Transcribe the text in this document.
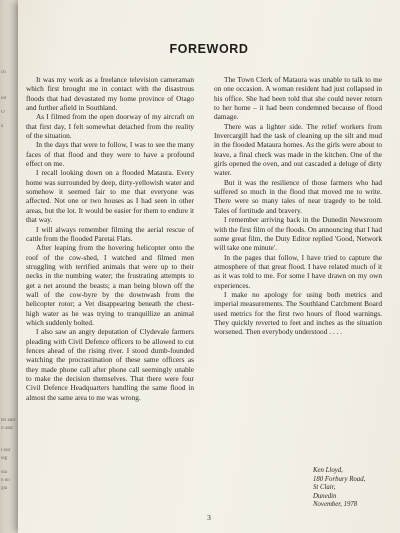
ch
nd
O
a
ter and
ir and
t our
leg
dia
h on
gla
FOREWORD

It was my work as a freelance television cameraman which first brought me in contact with the disastrous floods that had devastated my home province of Otago and further afield in Southland.

As I filmed from the open doorway of my aircraft on that first day, I felt somewhat detached from the reality of the situation.

In the days that were to follow, I was to see the many faces of that flood and they were to have a profound effect on me.

I recall looking down on a flooded Mataura. Every home was surrounded by deep, dirty-yellowish water and somehow it seemed fair to me that everyone was affected. Not one or two houses as I had seen in other areas, but the lot. It would be easier for them to endure it that way.

I will always remember filming the aerial rescue of cattle from the flooded Paretai Flats.

After leaping from the hovering helicopter onto the roof of the cow-shed, I watched and filmed men struggling with terrified animals that were up to their necks in the numbing water; the frustrating attempts to get a net around the beasts; a man being blown off the wall of the cow-byre by the downwash from the helicopter rotor; a Vet disappearing beneath the chest-high water as he was trying to tranquillize an animal which suddenly bolted.

I also saw an angry deputation of Clydevale farmers pleading with Civil Defence officers to be allowed to cut fences ahead of the rising river. I stood dumb-founded watching the procrastination of these same officers as they made phone call after phone call seemingly unable to make the decision themselves. That there were four Civil Defence Headquarters handling the same flood in almost the same area to me was wrong.

The Town Clerk of Mataura was unable to talk to me on one occasion. A woman resident had just collapsed in his office. She had been told that she could never return to her home – it had been condemned because of flood damage.

There was a lighter side. The relief workers from Invercargill had the task of cleaning up the silt and mud in the flooded Mataura homes. As the girls were about to leave, a final check was made in the kitchen. One of the girls opened the oven, and out cascaded a deluge of dirty water.

But it was the resilience of those farmers who had suffered so much in the flood that moved me to write. There were so many tales of near tragedy to be told. Tales of fortitude and bravery.

I remember arriving back in the Dunedin Newsroom with the first film of the floods. On announcing that I had some great film, the Duty Editor replied 'Good, Network will take one minute'.

In the pages that follow, I have tried to capture the atmosphere of that great flood. I have related much of it as it was told to me. For some I have drawn on my own experiences.

I make no apology for using both metrics and imperial measurements. The Southland Catchment Board used metrics for the first two hours of flood warnings. They quickly reverted to feet and inches as the situation worsened. Then everybody understood . . . .

Ken Lloyd,
180 Forbury Road,
St Clair,
Dunedin
November, 1978
3
